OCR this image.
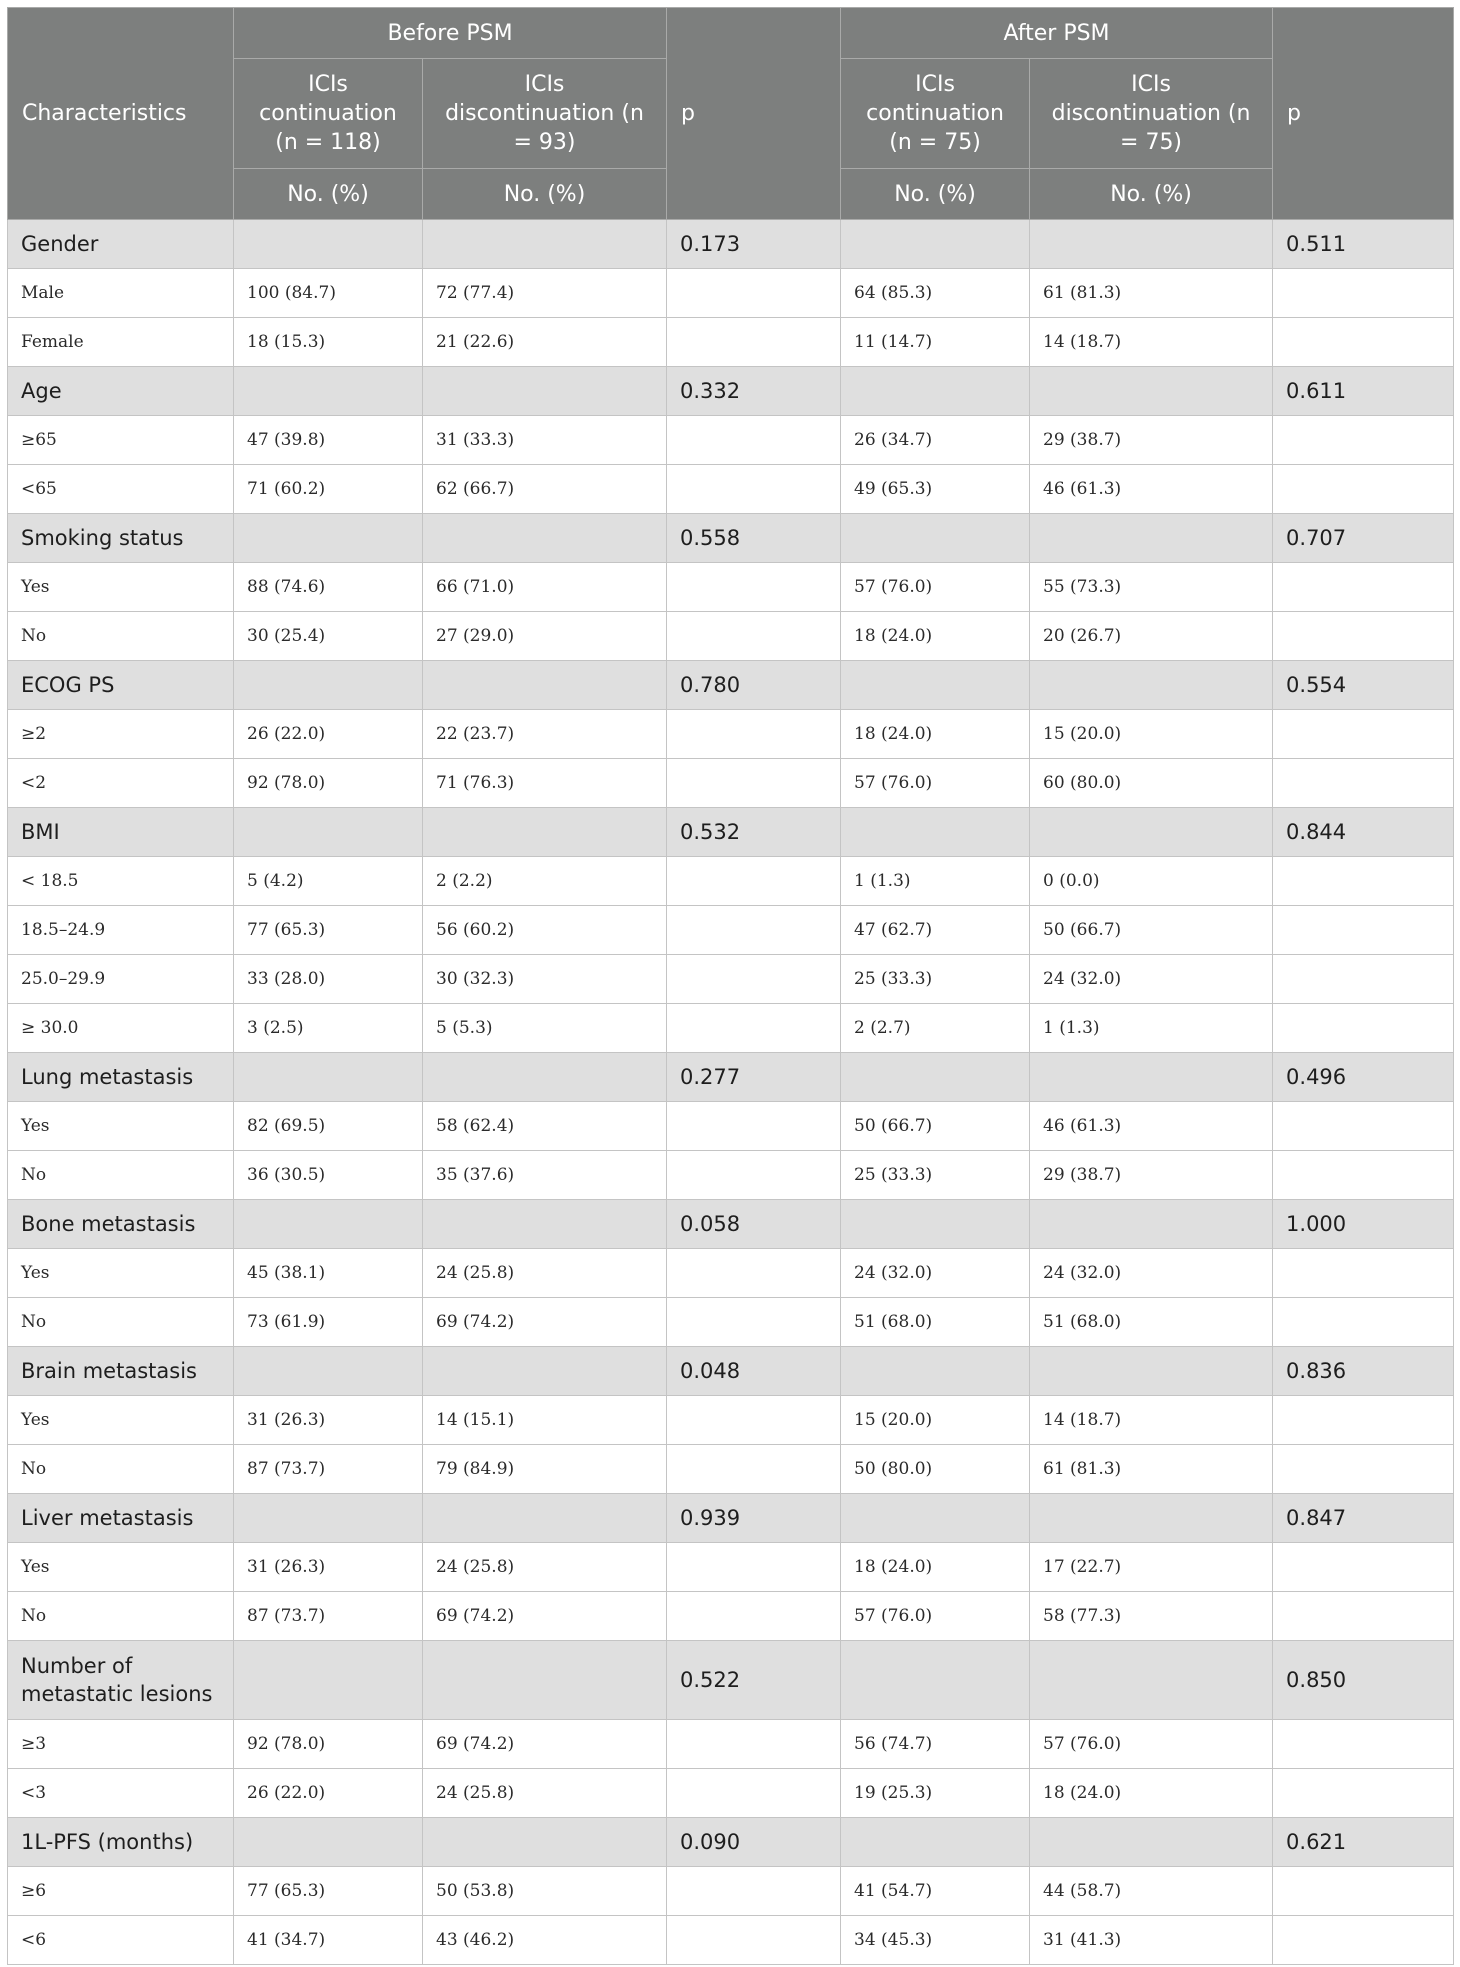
Characteristics	Before PSM		p	After PSM		p
	ICIs continuation (n = 118)	ICIs discontinuation (n = 93)		ICIs continuation (n = 75)	ICIs discontinuation (n = 75)	
	No. (%)	No. (%)		No. (%)	No. (%)	
Gender			0.173			0.511
Male	100 (84.7)	72 (77.4)		64 (85.3)	61 (81.3)	
Female	18 (15.3)	21 (22.6)		11 (14.7)	14 (18.7)	
Age			0.332			0.611
≥65	47 (39.8)	31 (33.3)		26 (34.7)	29 (38.7)	
<65	71 (60.2)	62 (66.7)		49 (65.3)	46 (61.3)	
Smoking status			0.558			0.707
Yes	88 (74.6)	66 (71.0)		57 (76.0)	55 (73.3)	
No	30 (25.4)	27 (29.0)		18 (24.0)	20 (26.7)	
ECOG PS			0.780			0.554
≥2	26 (22.0)	22 (23.7)		18 (24.0)	15 (20.0)	
<2	92 (78.0)	71 (76.3)		57 (76.0)	60 (80.0)	
BMI			0.532			0.844
< 18.5	5 (4.2)	2 (2.2)		1 (1.3)	0 (0.0)	
18.5–24.9	77 (65.3)	56 (60.2)		47 (62.7)	50 (66.7)	
25.0–29.9	33 (28.0)	30 (32.3)		25 (33.3)	24 (32.0)	
≥ 30.0	3 (2.5)	5 (5.3)		2 (2.7)	1 (1.3)	
Lung metastasis			0.277			0.496
Yes	82 (69.5)	58 (62.4)		50 (66.7)	46 (61.3)	
No	36 (30.5)	35 (37.6)		25 (33.3)	29 (38.7)	
Bone metastasis			0.058			1.000
Yes	45 (38.1)	24 (25.8)		24 (32.0)	24 (32.0)	
No	73 (61.9)	69 (74.2)		51 (68.0)	51 (68.0)	
Brain metastasis			0.048			0.836
Yes	31 (26.3)	14 (15.1)		15 (20.0)	14 (18.7)	
No	87 (73.7)	79 (84.9)		50 (80.0)	61 (81.3)	
Liver metastasis			0.939			0.847
Yes	31 (26.3)	24 (25.8)		18 (24.0)	17 (22.7)	
No	87 (73.7)	69 (74.2)		57 (76.0)	58 (77.3)	
Number of metastatic lesions			0.522			0.850
≥3	92 (78.0)	69 (74.2)		56 (74.7)	57 (76.0)	
<3	26 (22.0)	24 (25.8)		19 (25.3)	18 (24.0)	
1L-PFS (months)			0.090			0.621
≥6	77 (65.3)	50 (53.8)		41 (54.7)	44 (58.7)	
<6	41 (34.7)	43 (46.2)		34 (45.3)	31 (41.3)	
